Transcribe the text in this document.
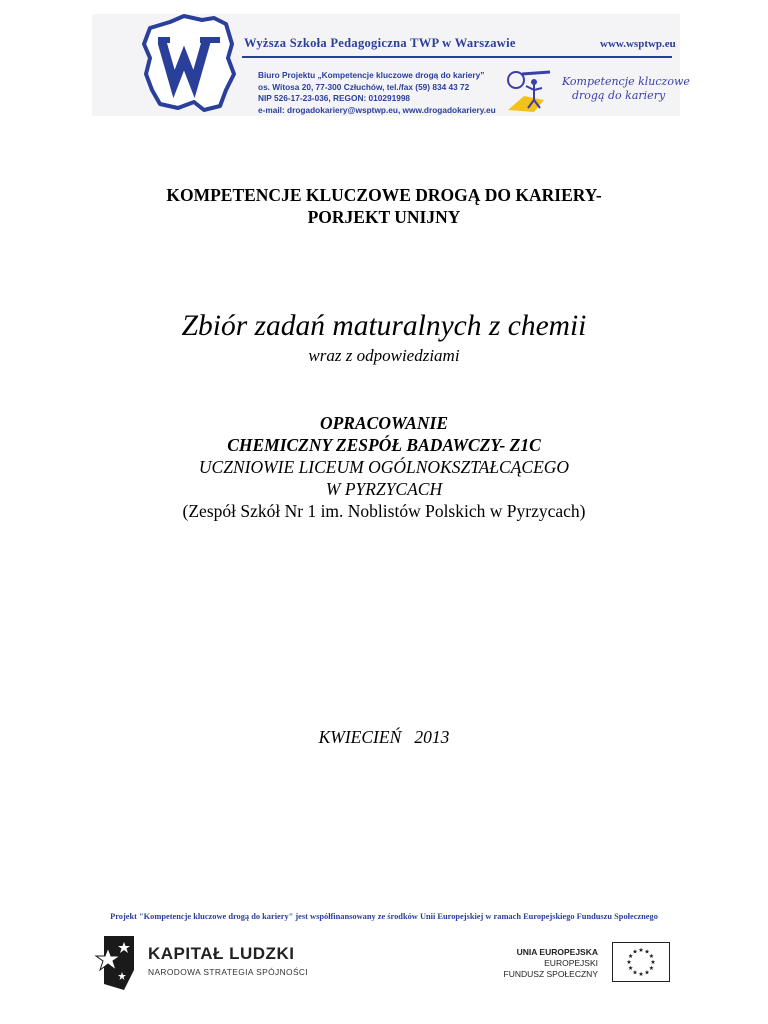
Wyższa Szkoła Pedagogiczna TWP w Warszawie	www.wsptwp.eu
Biuro Projektu „Kompetencje kluczowe drogą do kariery”
os. Witosa 20, 77-300 Człuchów, tel./fax (59) 834 43 72
NIP 526-17-23-036, REGON: 010291998
e-mail: drogadokariery@wsptwp.eu, www.drogadokariery.eu
Kompetencje kluczowe
drogą do kariery
KOMPETENCJE KLUCZOWE DROGĄ DO KARIERY-
PORJEKT UNIJNY
Zbiór zadań maturalnych z chemii
wraz z odpowiedziami
OPRACOWANIE
CHEMICZNY ZESPÓŁ BADAWCZY- Z1C
UCZNIOWIE LICEUM OGÓLNOKSZTAŁCĄCEGO
W PYRZYCACH
(Zespół Szkół Nr 1 im. Noblistów Polskich w Pyrzycach)
KWIECIEŃ   2013
Projekt "Kompetencje kluczowe drogą do kariery" jest współfinansowany ze środków Unii Europejskiej w ramach Europejskiego Funduszu Społecznego
KAPITAŁ LUDZKI
NARODOWA STRATEGIA SPÓJNOŚCI
UNIA EUROPEJSKA
EUROPEJSKI
FUNDUSZ SPOŁECZNY
